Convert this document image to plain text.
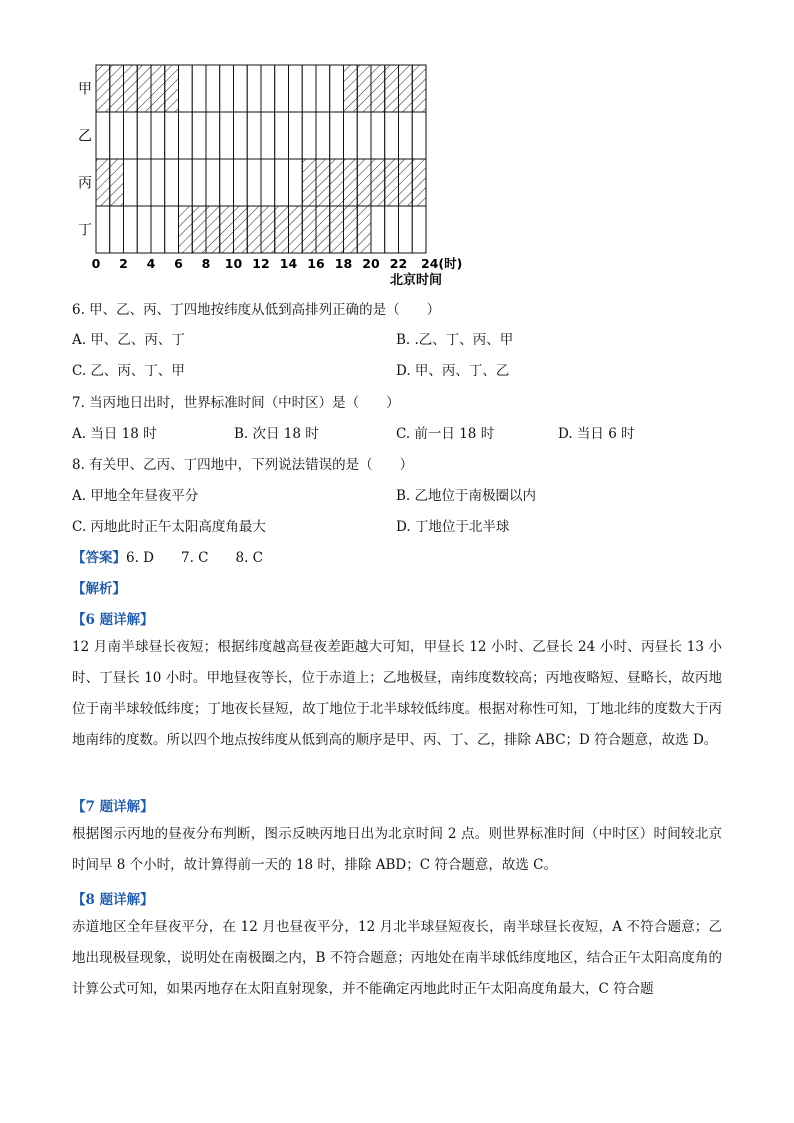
甲
乙
丙
丁
0 2 4 6 8 10 12 14 16 18 20 22 24(时)
北京时间
6. 甲、乙、丙、丁四地按纬度从低到高排列正确的是（　　）
A. 甲、乙、丙、丁	B. .乙、丁、丙、甲
C. 乙、丙、丁、甲	D. 甲、丙、丁、乙
7. 当丙地日出时，世界标准时间（中时区）是（　　）
A. 当日 18 时	B. 次日 18 时	C. 前一日 18 时	D. 当日 6 时
8. 有关甲、乙丙、丁四地中，下列说法错误的是（　　）
A. 甲地全年昼夜平分	B. 乙地位于南极圈以内
C. 丙地此时正午太阳高度角最大	D. 丁地位于北半球
【答案】6. D　　7. C　　8. C
【解析】
【6 题详解】
12 月南半球昼长夜短；根据纬度越高昼夜差距越大可知，甲昼长 12 小时、乙昼长 24 小时、丙昼长 13 小时、丁昼长 10 小时。甲地昼夜等长，位于赤道上；乙地极昼，南纬度数较高；丙地夜略短、昼略长，故丙地位于南半球较低纬度；丁地夜长昼短，故丁地位于北半球较低纬度。根据对称性可知，丁地北纬的度数大于丙地南纬的度数。所以四个地点按纬度从低到高的顺序是甲、丙、丁、乙，排除 ABC；D 符合题意，故选 D。
【7 题详解】
根据图示丙地的昼夜分布判断，图示反映丙地日出为北京时间 2 点。则世界标准时间（中时区）时间较北京时间早 8 个小时，故计算得前一天的 18 时，排除 ABD；C 符合题意，故选 C。
【8 题详解】
赤道地区全年昼夜平分，在 12 月也昼夜平分，12 月北半球昼短夜长，南半球昼长夜短，A 不符合题意；乙地出现极昼现象，说明处在南极圈之内，B 不符合题意；丙地处在南半球低纬度地区，结合正午太阳高度角的计算公式可知，如果丙地存在太阳直射现象，并不能确定丙地此时正午太阳高度角最大，C 符合题
